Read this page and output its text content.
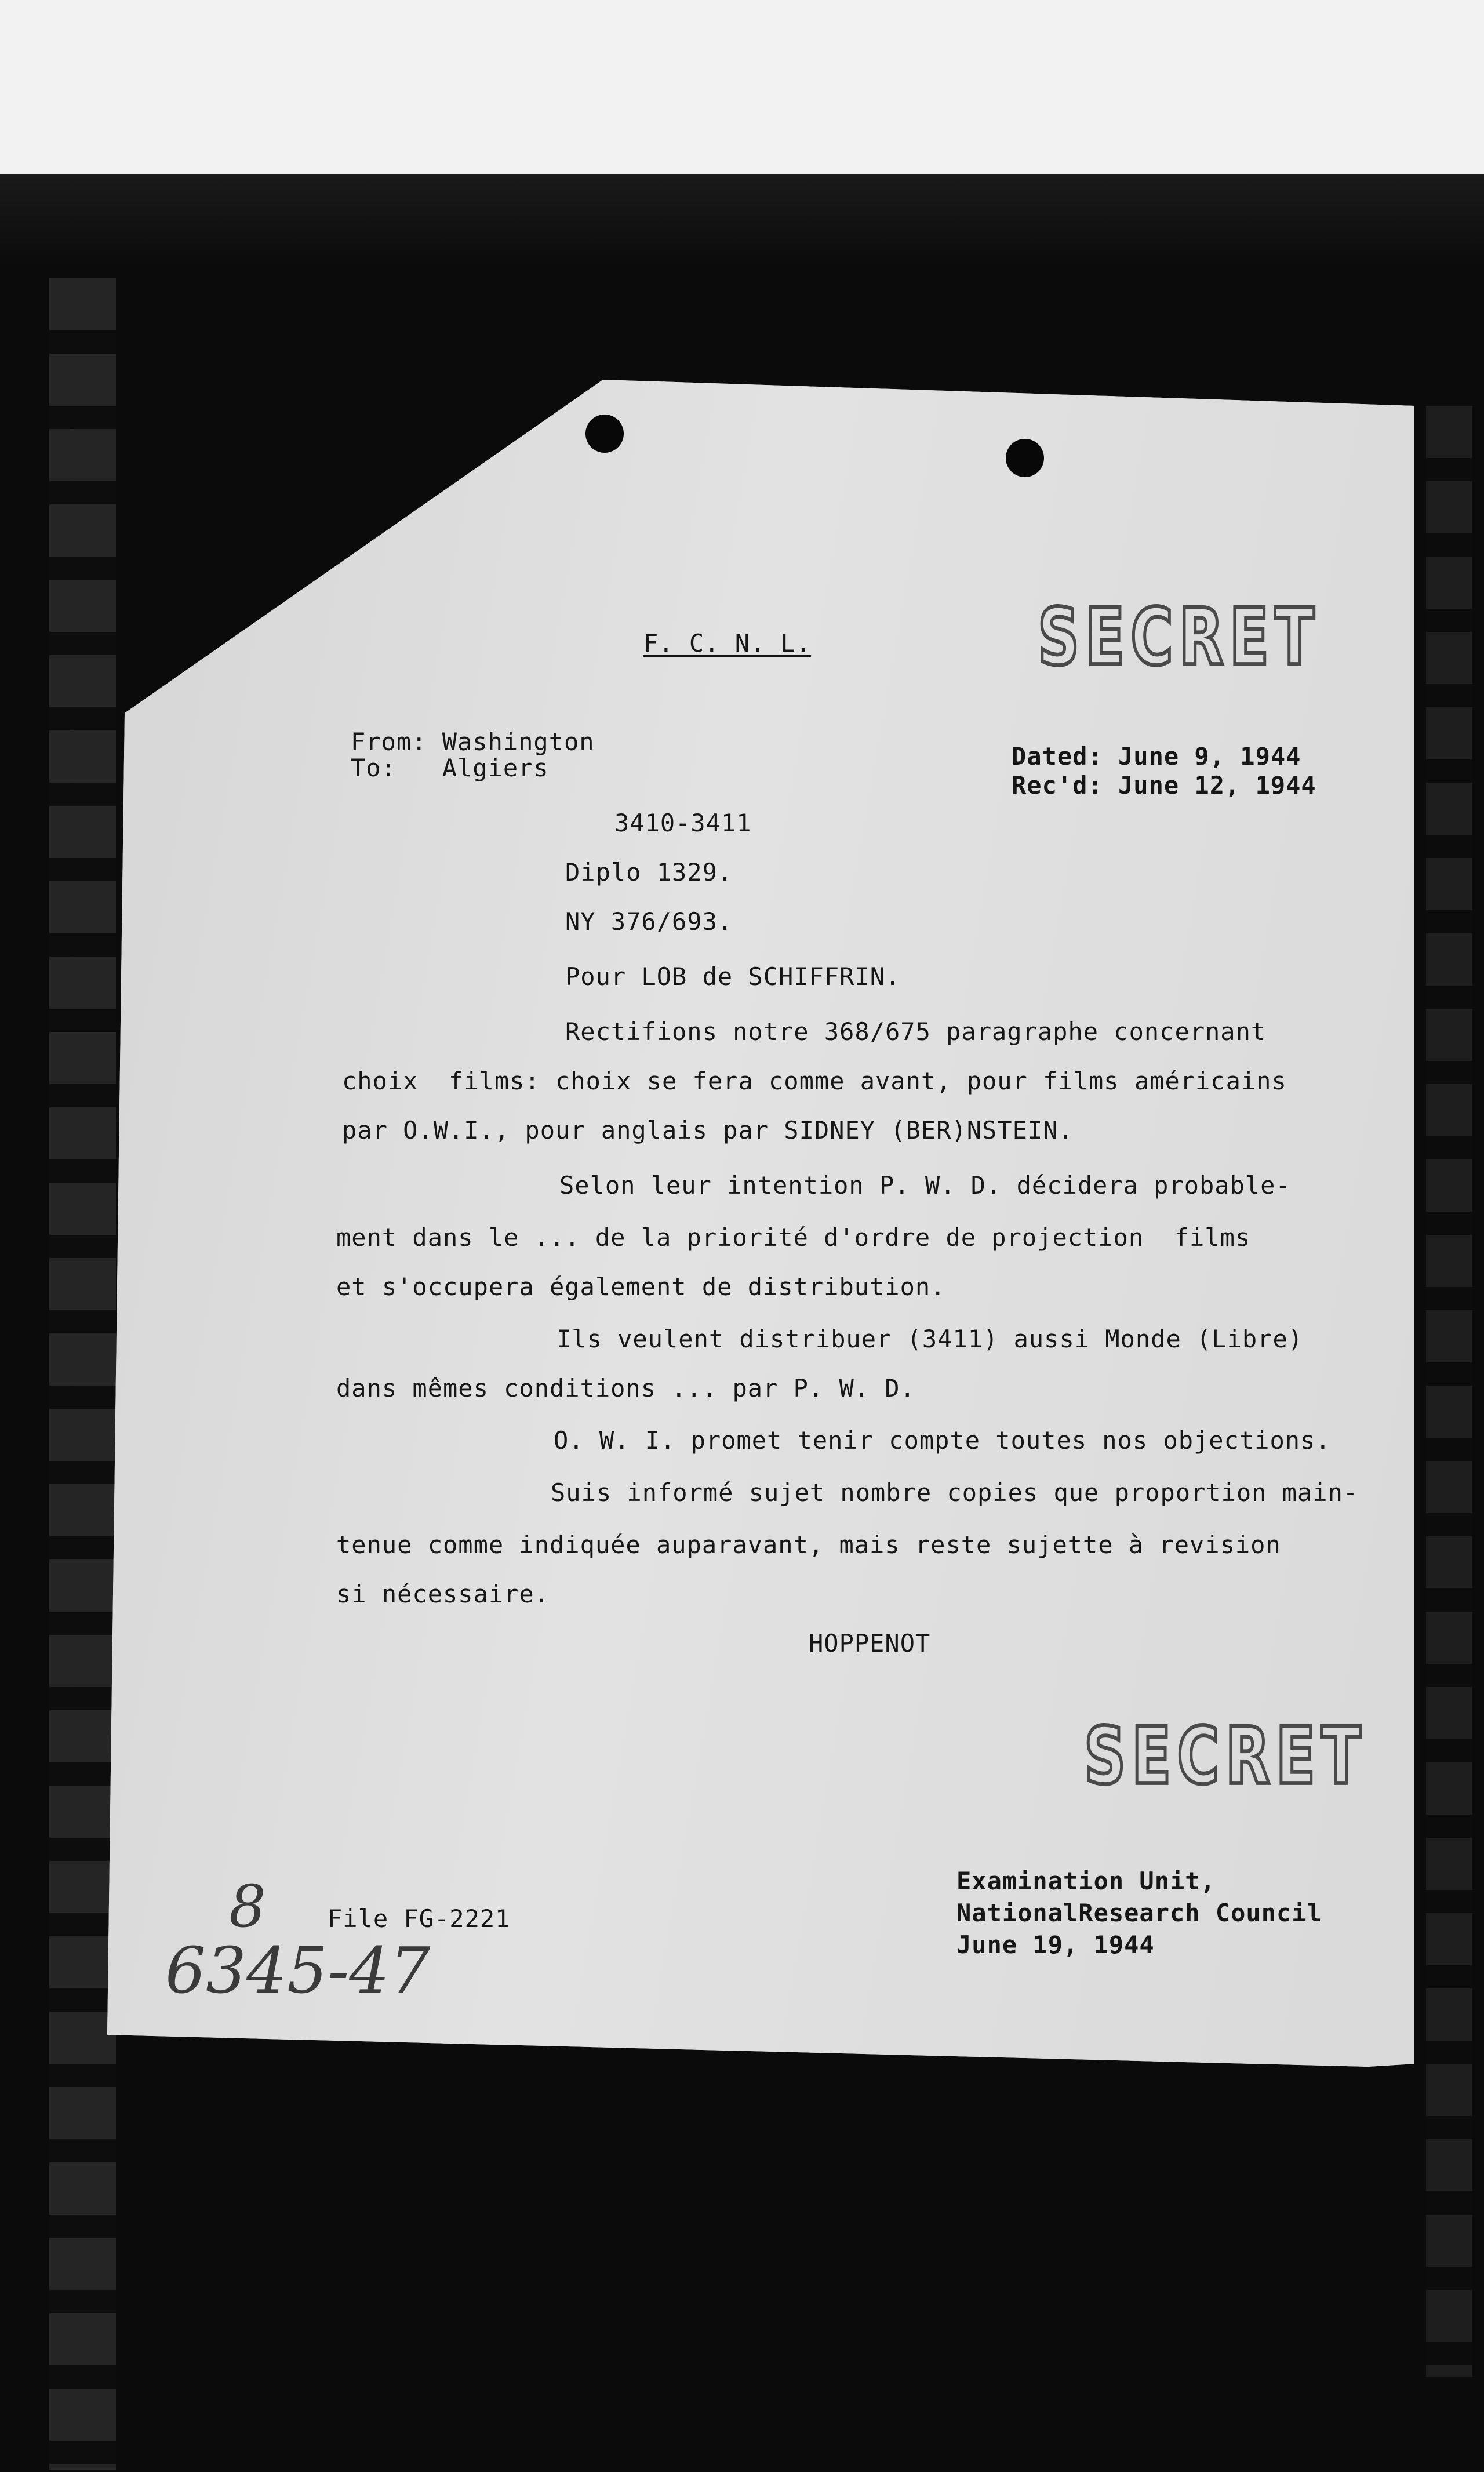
F. C. N. L.	SECRET
From: Washington
To:   Algiers	Dated: June 9, 1944
Rec'd: June 12, 1944
3410-3411
Diplo 1329.
NY 376/693.
Pour LOB de SCHIFFRIN.
Rectifions notre 368/675 paragraphe concernant
choix  films: choix se fera comme avant, pour films américains
par O.W.I., pour anglais par SIDNEY (BER)NSTEIN.
Selon leur intention P. W. D. décidera probable-
ment dans le ... de la priorité d'ordre de projection  films
et s'occupera également de distribution.
Ils veulent distribuer (3411) aussi Monde (Libre)
dans mêmes conditions ... par P. W. D.
O. W. I. promet tenir compte toutes nos objections.
Suis informé sujet nombre copies que proportion main-
tenue comme indiquée auparavant, mais reste sujette à revision
si nécessaire.
HOPPENOT
SECRET
File FG-2221
Examination Unit,
NationalResearch Council
June 19, 1944
8
6345-47
